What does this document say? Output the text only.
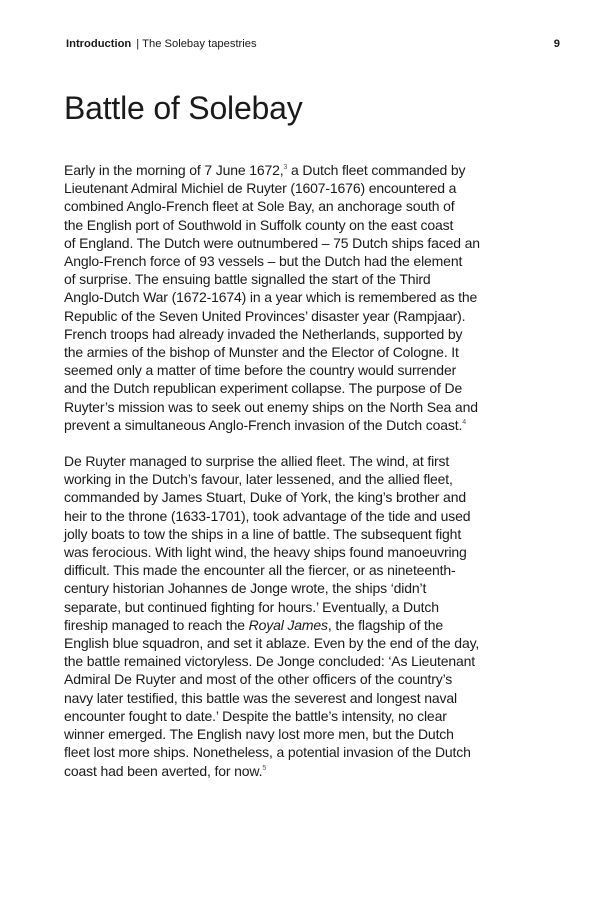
Introduction | The Solebay tapestries	9
Battle of Solebay

Early in the morning of 7 June 1672,$^3$ a Dutch fleet commanded by
Lieutenant Admiral Michiel de Ruyter (1607-1676) encountered a
combined Anglo-French fleet at Sole Bay, an anchorage south of
the English port of Southwold in Suffolk county on the east coast
of England. The Dutch were outnumbered – 75 Dutch ships faced an
Anglo-French force of 93 vessels – but the Dutch had the element
of surprise. The ensuing battle signalled the start of the Third
Anglo-Dutch War (1672-1674) in a year which is remembered as the
Republic of the Seven United Provinces’ disaster year (Rampjaar).
French troops had already invaded the Netherlands, supported by
the armies of the bishop of Munster and the Elector of Cologne. It
seemed only a matter of time before the country would surrender
and the Dutch republican experiment collapse. The purpose of De
Ruyter’s mission was to seek out enemy ships on the North Sea and
prevent a simultaneous Anglo-French invasion of the Dutch coast.$^4$

De Ruyter managed to surprise the allied fleet. The wind, at first
working in the Dutch’s favour, later lessened, and the allied fleet,
commanded by James Stuart, Duke of York, the king’s brother and
heir to the throne (1633-1701), took advantage of the tide and used
jolly boats to tow the ships in a line of battle. The subsequent fight
was ferocious. With light wind, the heavy ships found manoeuvring
difficult. This made the encounter all the fiercer, or as nineteenth-
century historian Johannes de Jonge wrote, the ships ‘didn’t
separate, but continued fighting for hours.’ Eventually, a Dutch
fireship managed to reach the Royal James, the flagship of the
English blue squadron, and set it ablaze. Even by the end of the day,
the battle remained victoryless. De Jonge concluded: ‘As Lieutenant
Admiral De Ruyter and most of the other officers of the country’s
navy later testified, this battle was the severest and longest naval
encounter fought to date.’ Despite the battle’s intensity, no clear
winner emerged. The English navy lost more men, but the Dutch
fleet lost more ships. Nonetheless, a potential invasion of the Dutch
coast had been averted, for now.$^5$
